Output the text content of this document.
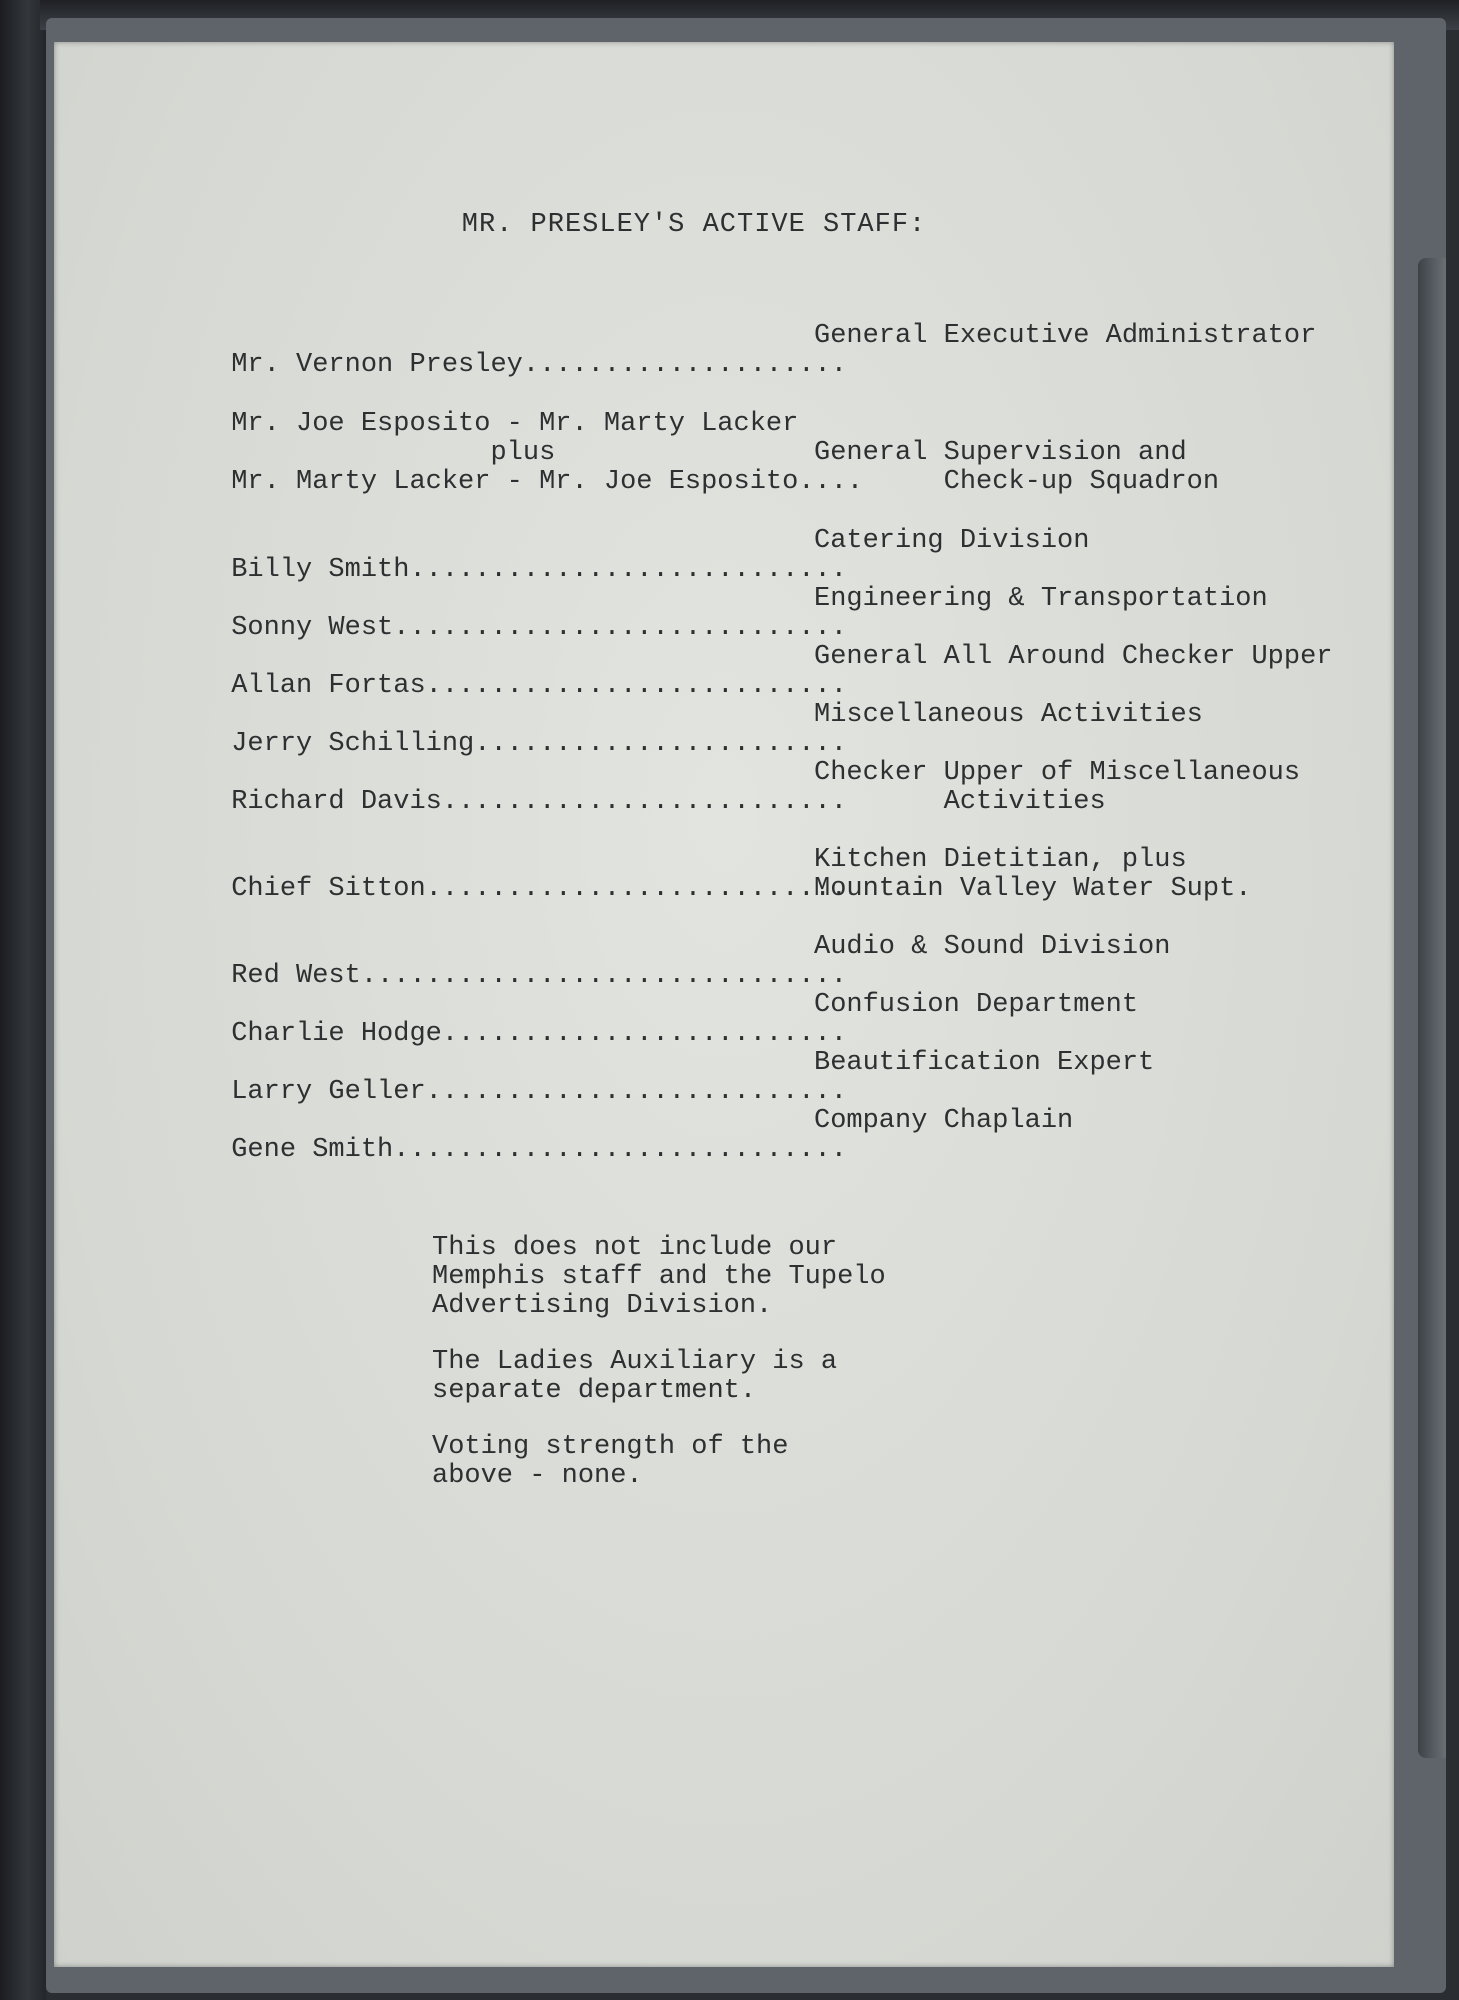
MR. PRESLEY'S ACTIVE STAFF:

Mr. Vernon Presley....................

General Executive Administrator

Mr. Joe Esposito - Mr. Marty Lacker

plus

Mr. Marty Lacker - Mr. Joe Esposito....

General Supervision and

Check-up Squadron

Billy Smith...........................

Catering Division

Sonny West............................

Engineering & Transportation

Allan Fortas..........................

General All Around Checker Upper

Jerry Schilling.......................

Miscellaneous Activities

Richard Davis.........................

Checker Upper of Miscellaneous

Activities

Chief Sitton..........................

Kitchen Dietitian, plus

Mountain Valley Water Supt.

Red West..............................

Audio & Sound Division

Charlie Hodge.........................

Confusion Department

Larry Geller..........................

Beautification Expert

Gene Smith............................

Company Chaplain

This does not include our
Memphis staff and the Tupelo
Advertising Division.

The Ladies Auxiliary is a
separate department.

Voting strength of the
above - none.
